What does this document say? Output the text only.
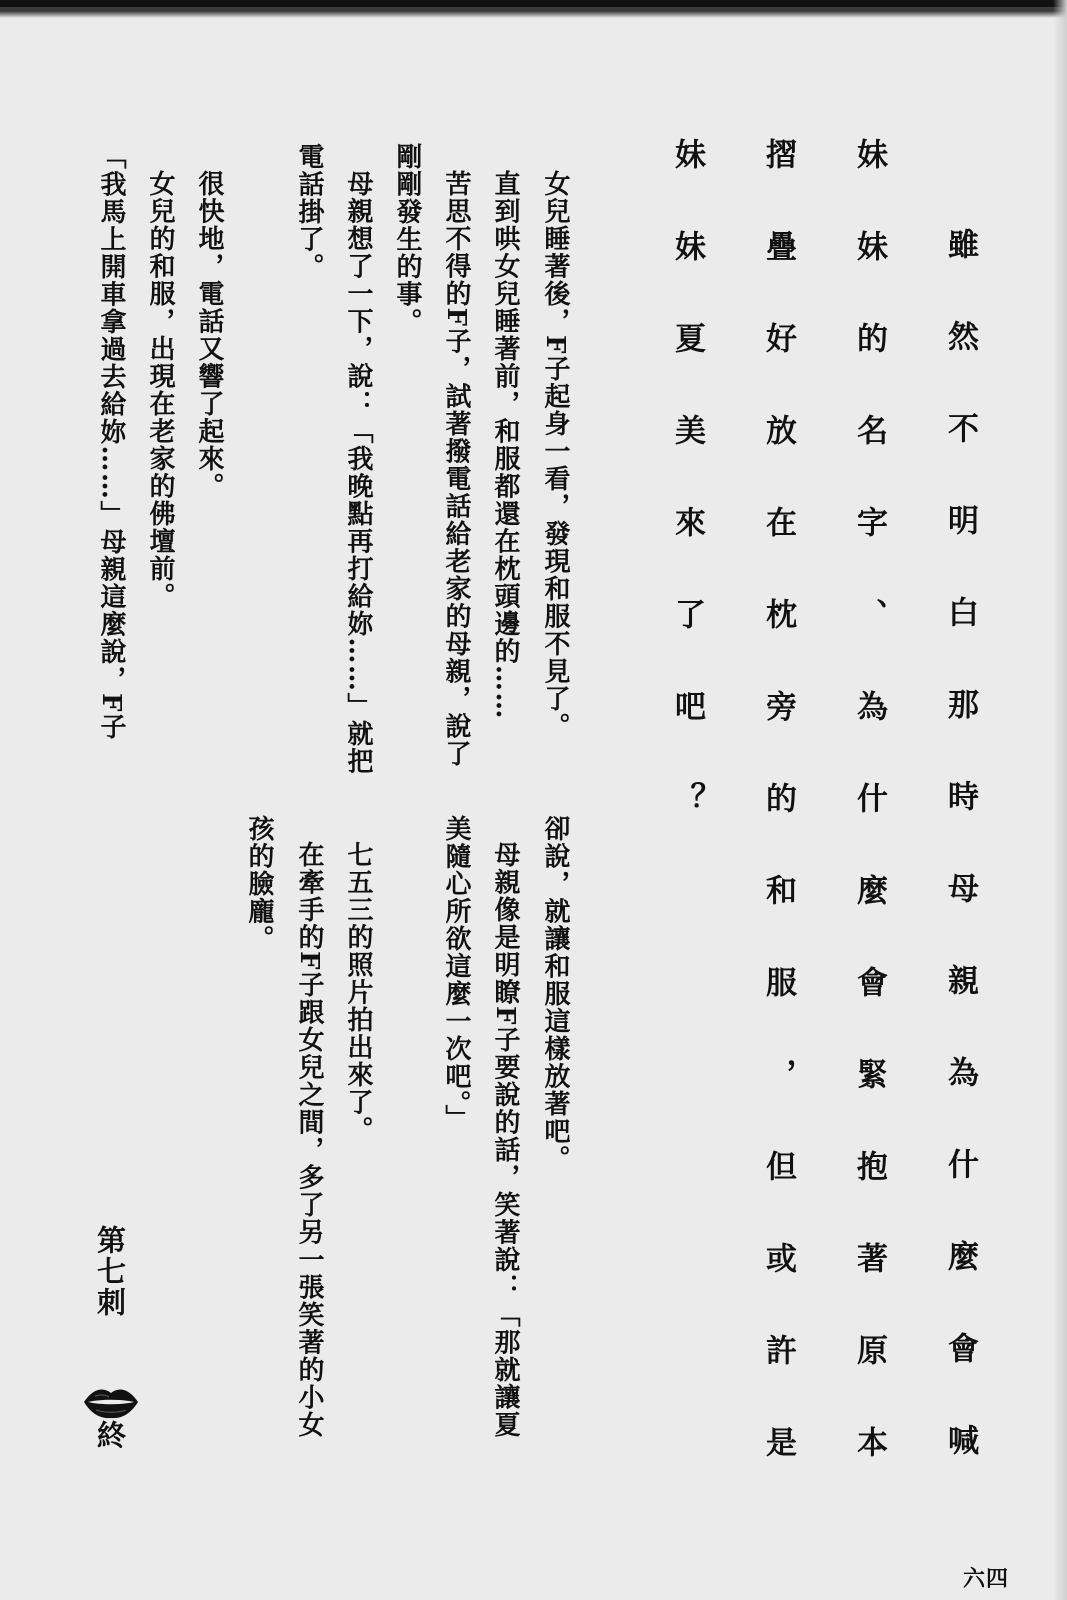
雖然不明白那時母親為什麼會喊
妹妹的名字、為什麼會緊抱著原本
摺疊好放在枕旁的和服，但或許是
妹妹夏美來了吧？
女兒睡著後，F子起身一看，發現和服不見了。
直到哄女兒睡著前，和服都還在枕頭邊的……
苦思不得的F子，試著撥電話給老家的母親，說了
剛剛發生的事。
母親想了一下，說：「我晚點再打給妳……」就把
電話掛了。
很快地，電話又響了起來。
女兒的和服，出現在老家的佛壇前。
「我馬上開車拿過去給妳……」母親這麼說，F子
卻說，就讓和服這樣放著吧。
母親像是明瞭F子要說的話，笑著說：「那就讓夏
美隨心所欲這麼一次吧。」
七五三的照片拍出來了。
在牽手的F子跟女兒之間，多了另一張笑著的小女
孩的臉龐。
第七刺
終
六四
